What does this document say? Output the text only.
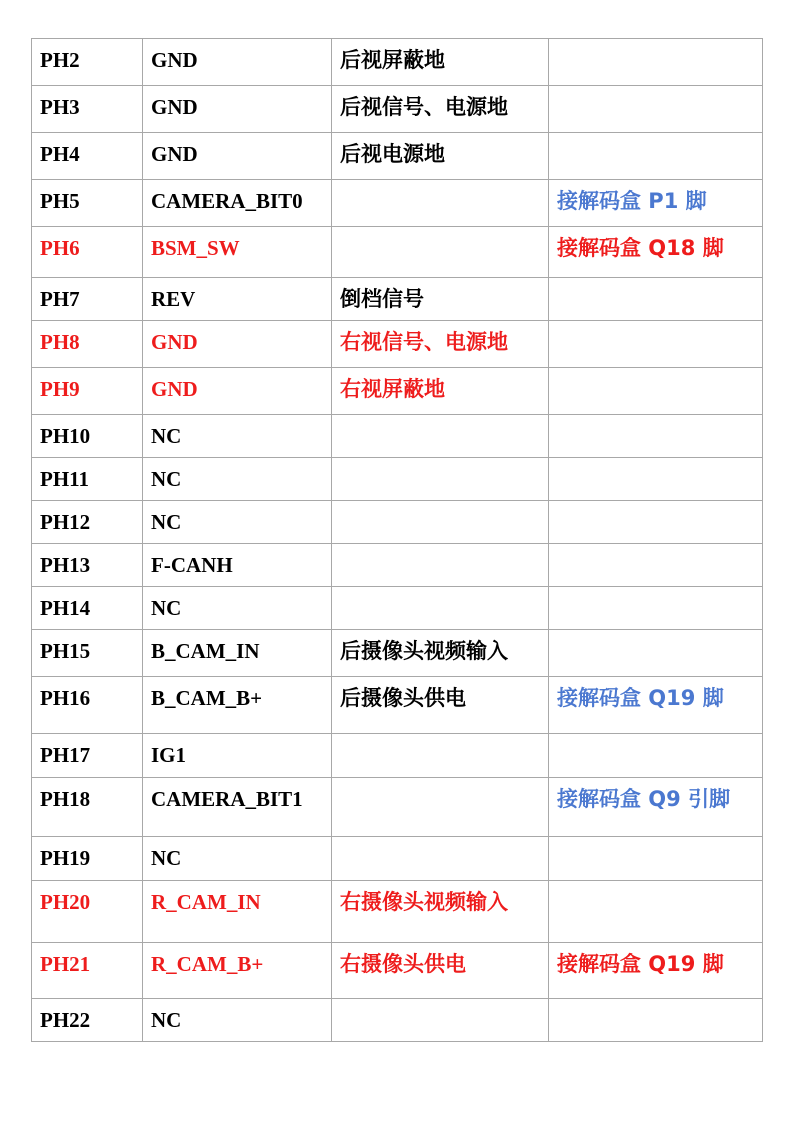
PH2	GND	后视屏蔽地	

PH3	GND	后视信号、电源地	

PH4	GND	后视电源地	

PH5	CAMERA_BIT0		接解码盒 P1 脚

PH6	BSM_SW		接解码盒 Q18 脚

PH7	REV	倒档信号	

PH8	GND	右视信号、电源地	

PH9	GND	右视屏蔽地	

PH10	NC		

PH11	NC		

PH12	NC		

PH13	F-CANH		

PH14	NC		

PH15	B_CAM_IN	后摄像头视频输入	

PH16	B_CAM_B+	后摄像头供电	接解码盒 Q19 脚

PH17	IG1		

PH18	CAMERA_BIT1		接解码盒 Q9 引脚

PH19	NC		

PH20	R_CAM_IN	右摄像头视频输入	

PH21	R_CAM_B+	右摄像头供电	接解码盒 Q19 脚

PH22	NC		
